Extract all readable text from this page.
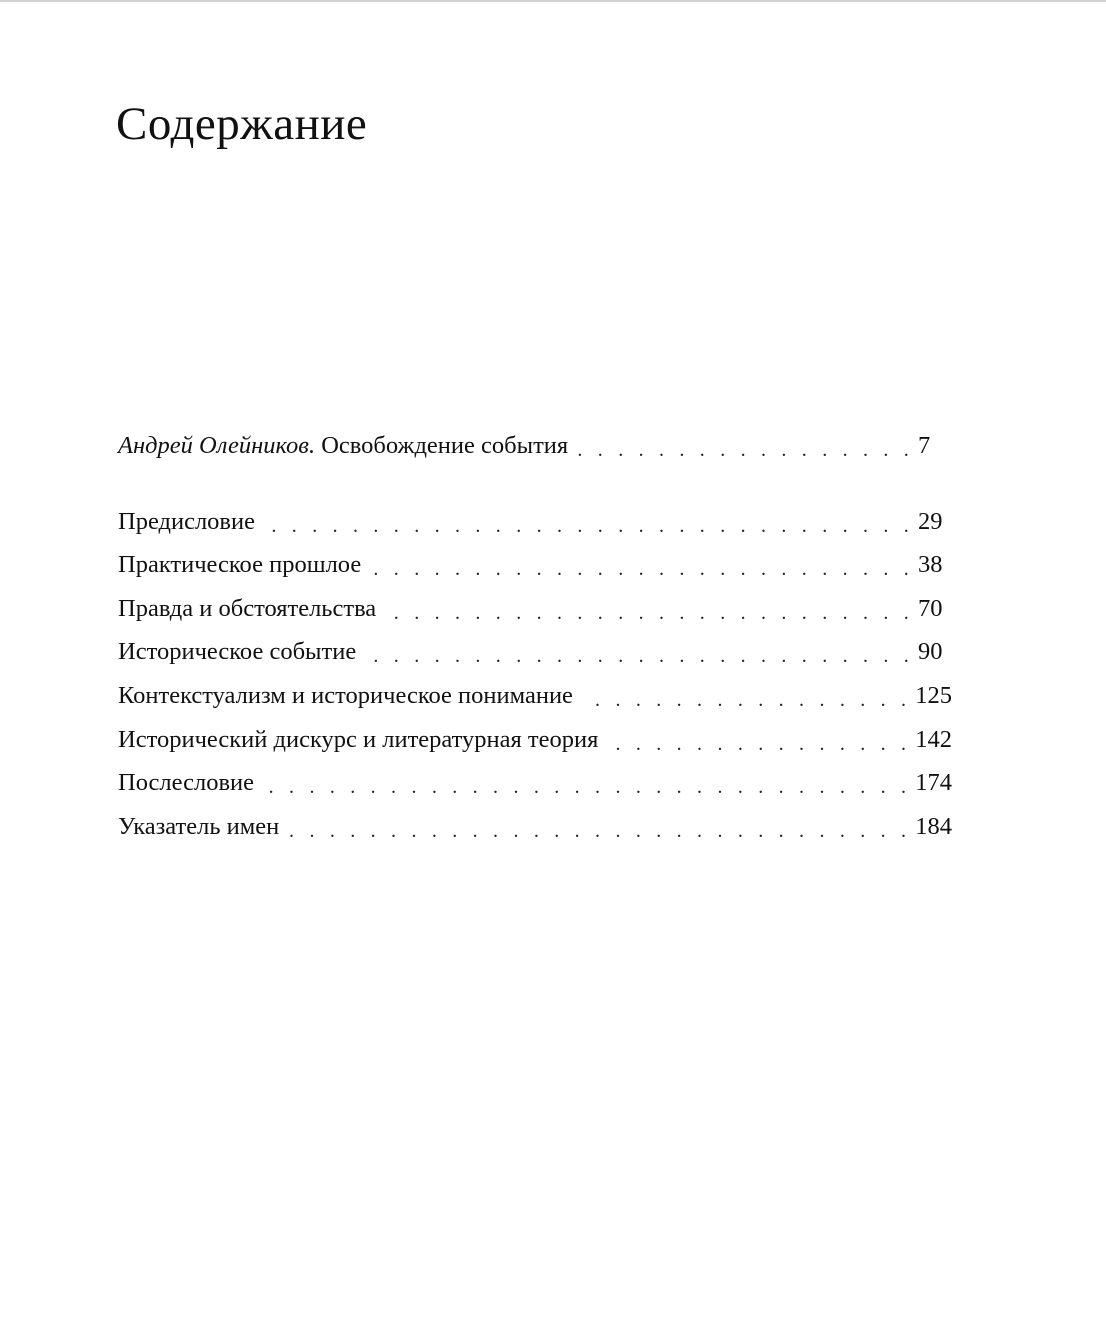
Содержание
Андрей Олейников. Освобождение события . . .	7
Предисловие . . .	29
Практическое прошлое . . .	38
Правда и обстоятельства . . .	70
Историческое событие . . .	90
Контекстуализм и историческое понимание . . .	125
Исторический дискурс и литературная теория . . .	142
Послесловие . . .	174
Указатель имен . . .	184
